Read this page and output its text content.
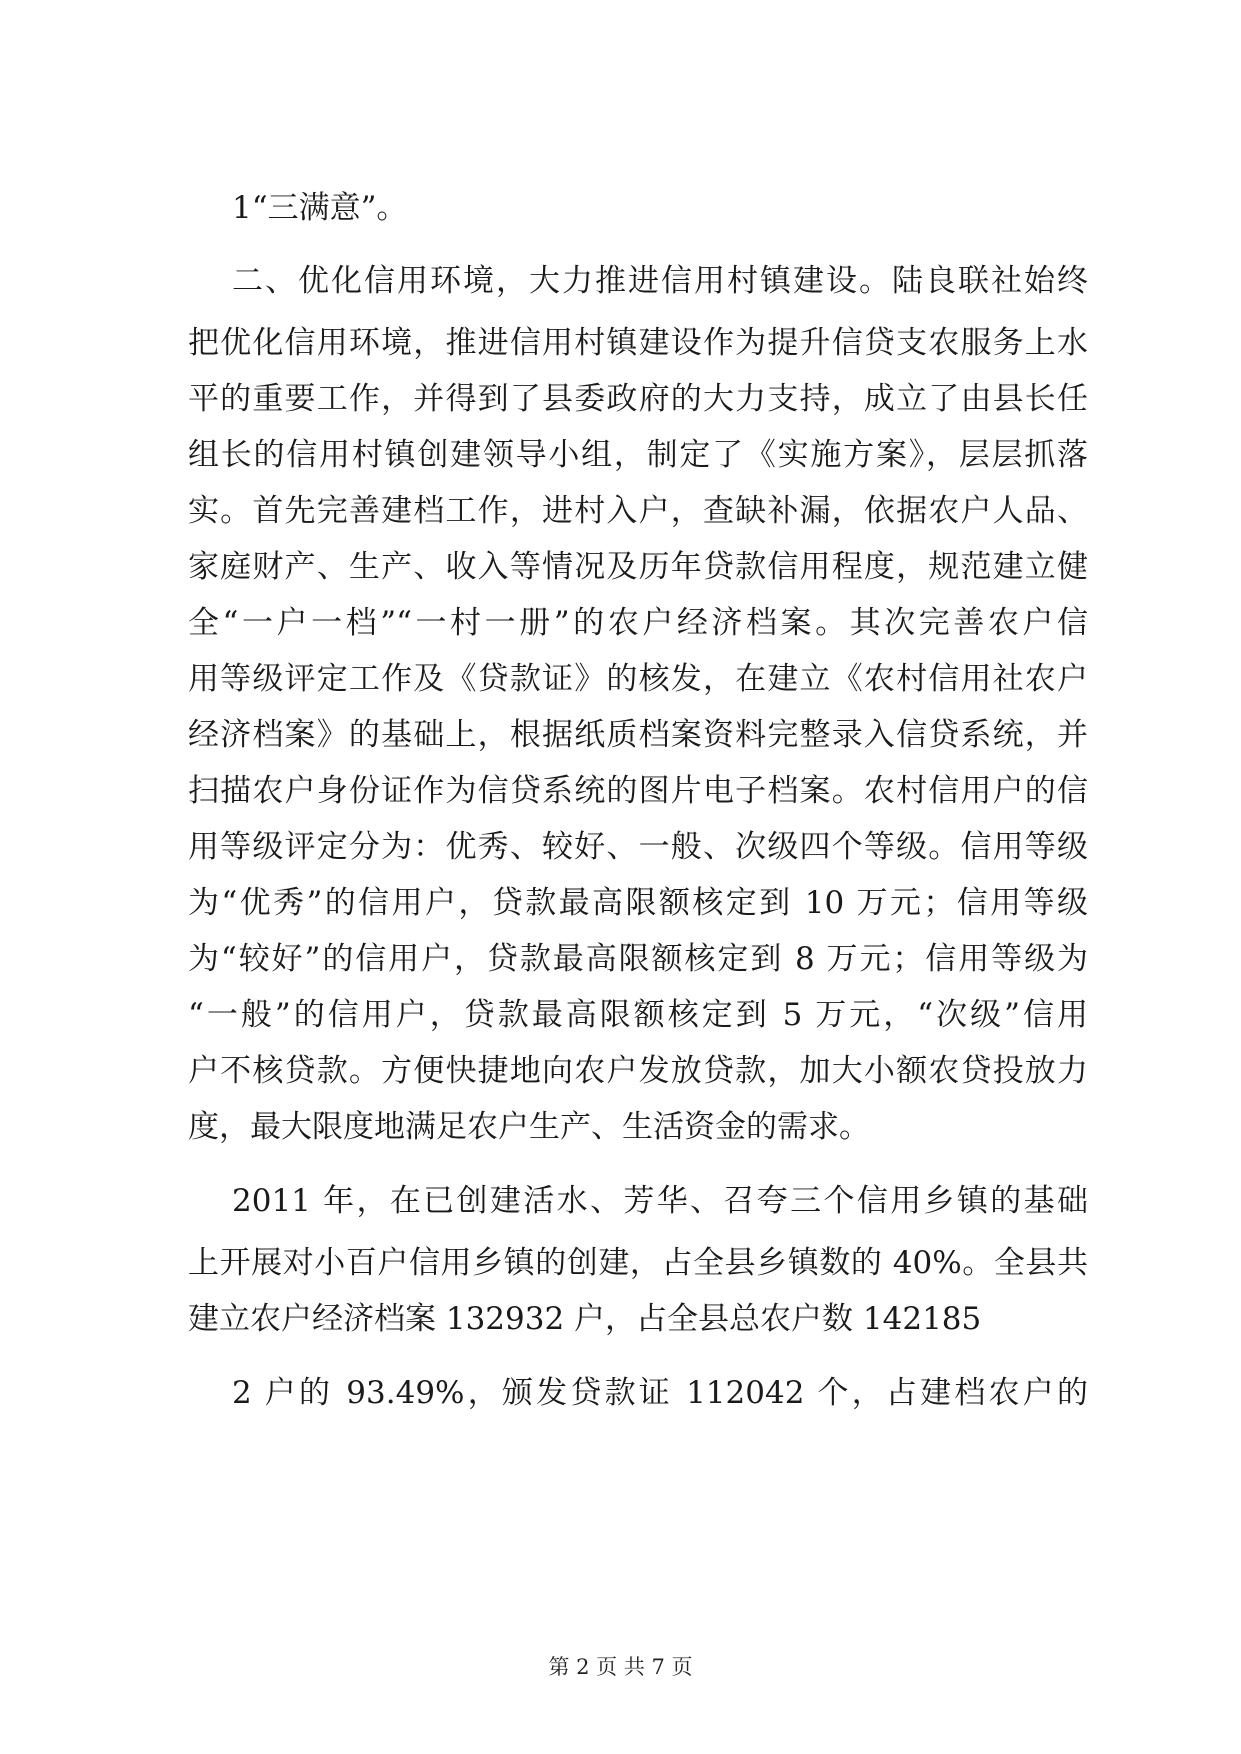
1“三满意”。
二、优化信用环境，大力推进信用村镇建设。陆良联社始终
把优化信用环境，推进信用村镇建设作为提升信贷支农服务上水
平的重要工作，并得到了县委政府的大力支持，成立了由县长任
组长的信用村镇创建领导小组，制定了《实施方案》，层层抓落
实。首先完善建档工作，进村入户，查缺补漏，依据农户人品、
家庭财产、生产、收入等情况及历年贷款信用程度，规范建立健
全“一户一档”“一村一册”的农户经济档案。其次完善农户信
用等级评定工作及《贷款证》的核发，在建立《农村信用社农户
经济档案》的基础上，根据纸质档案资料完整录入信贷系统，并
扫描农户身份证作为信贷系统的图片电子档案。农村信用户的信
用等级评定分为：优秀、较好、一般、次级四个等级。信用等级
为“优秀”的信用户，贷款最高限额核定到 10 万元；信用等级
为“较好”的信用户，贷款最高限额核定到 8 万元；信用等级为
“一般”的信用户，贷款最高限额核定到 5 万元，“次级”信用
户不核贷款。方便快捷地向农户发放贷款，加大小额农贷投放力
度，最大限度地满足农户生产、生活资金的需求。
2011 年，在已创建活水、芳华、召夸三个信用乡镇的基础
上开展对小百户信用乡镇的创建，占全县乡镇数的 40%。全县共
建立农户经济档案 132932 户，占全县总农户数 142185
2 户的 93.49%，颁发贷款证 112042 个，占建档农户的
第 2 页 共 7 页
